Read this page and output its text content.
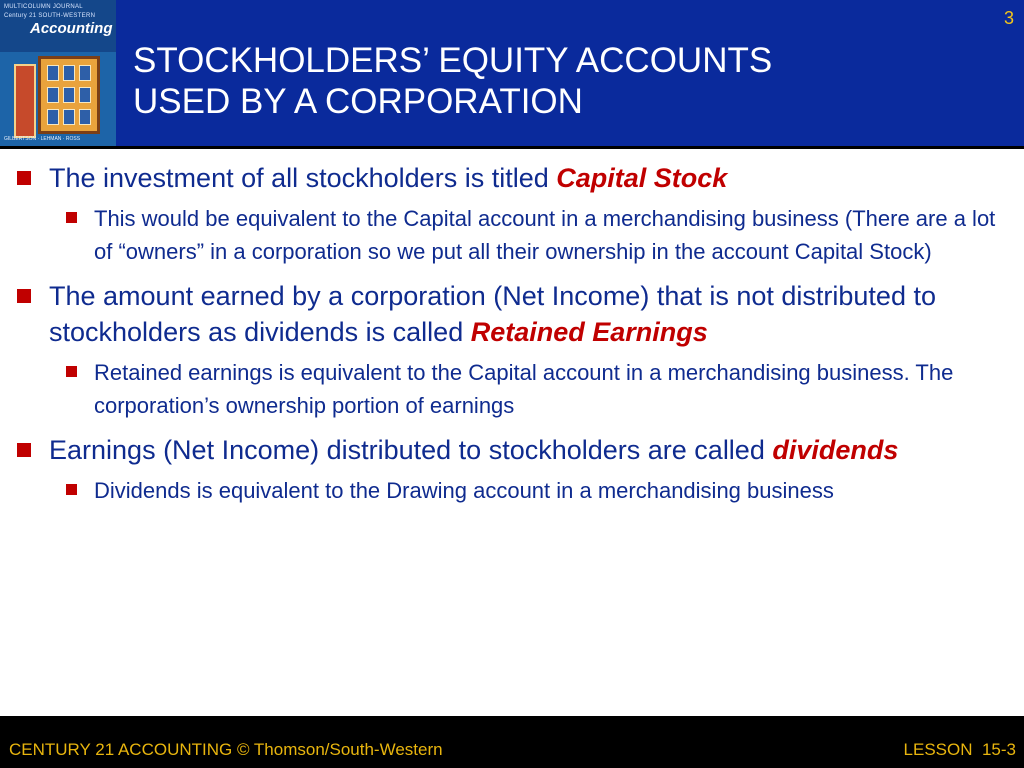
MULTICOLUMN JOURNAL
Century 21 SOUTH-WESTERN
Accounting
GILBERTSON · LEHMAN · ROSS
3
STOCKHOLDERS’ EQUITY ACCOUNTS
USED BY A CORPORATION
The investment of all stockholders is titled Capital Stock
This would be equivalent to the Capital account in a merchandising business (There are a lot of “owners” in a corporation so we put all their ownership in the account Capital Stock)
The amount earned by a corporation (Net Income) that is not distributed to stockholders as dividends is called Retained Earnings
Retained earnings is equivalent to the Capital account in a merchandising business. The corporation’s ownership portion of earnings
Earnings (Net Income) distributed to stockholders are called dividends
Dividends is equivalent to the Drawing account in a merchandising business
CENTURY 21 ACCOUNTING © Thomson/South-Western	LESSON  15-3
